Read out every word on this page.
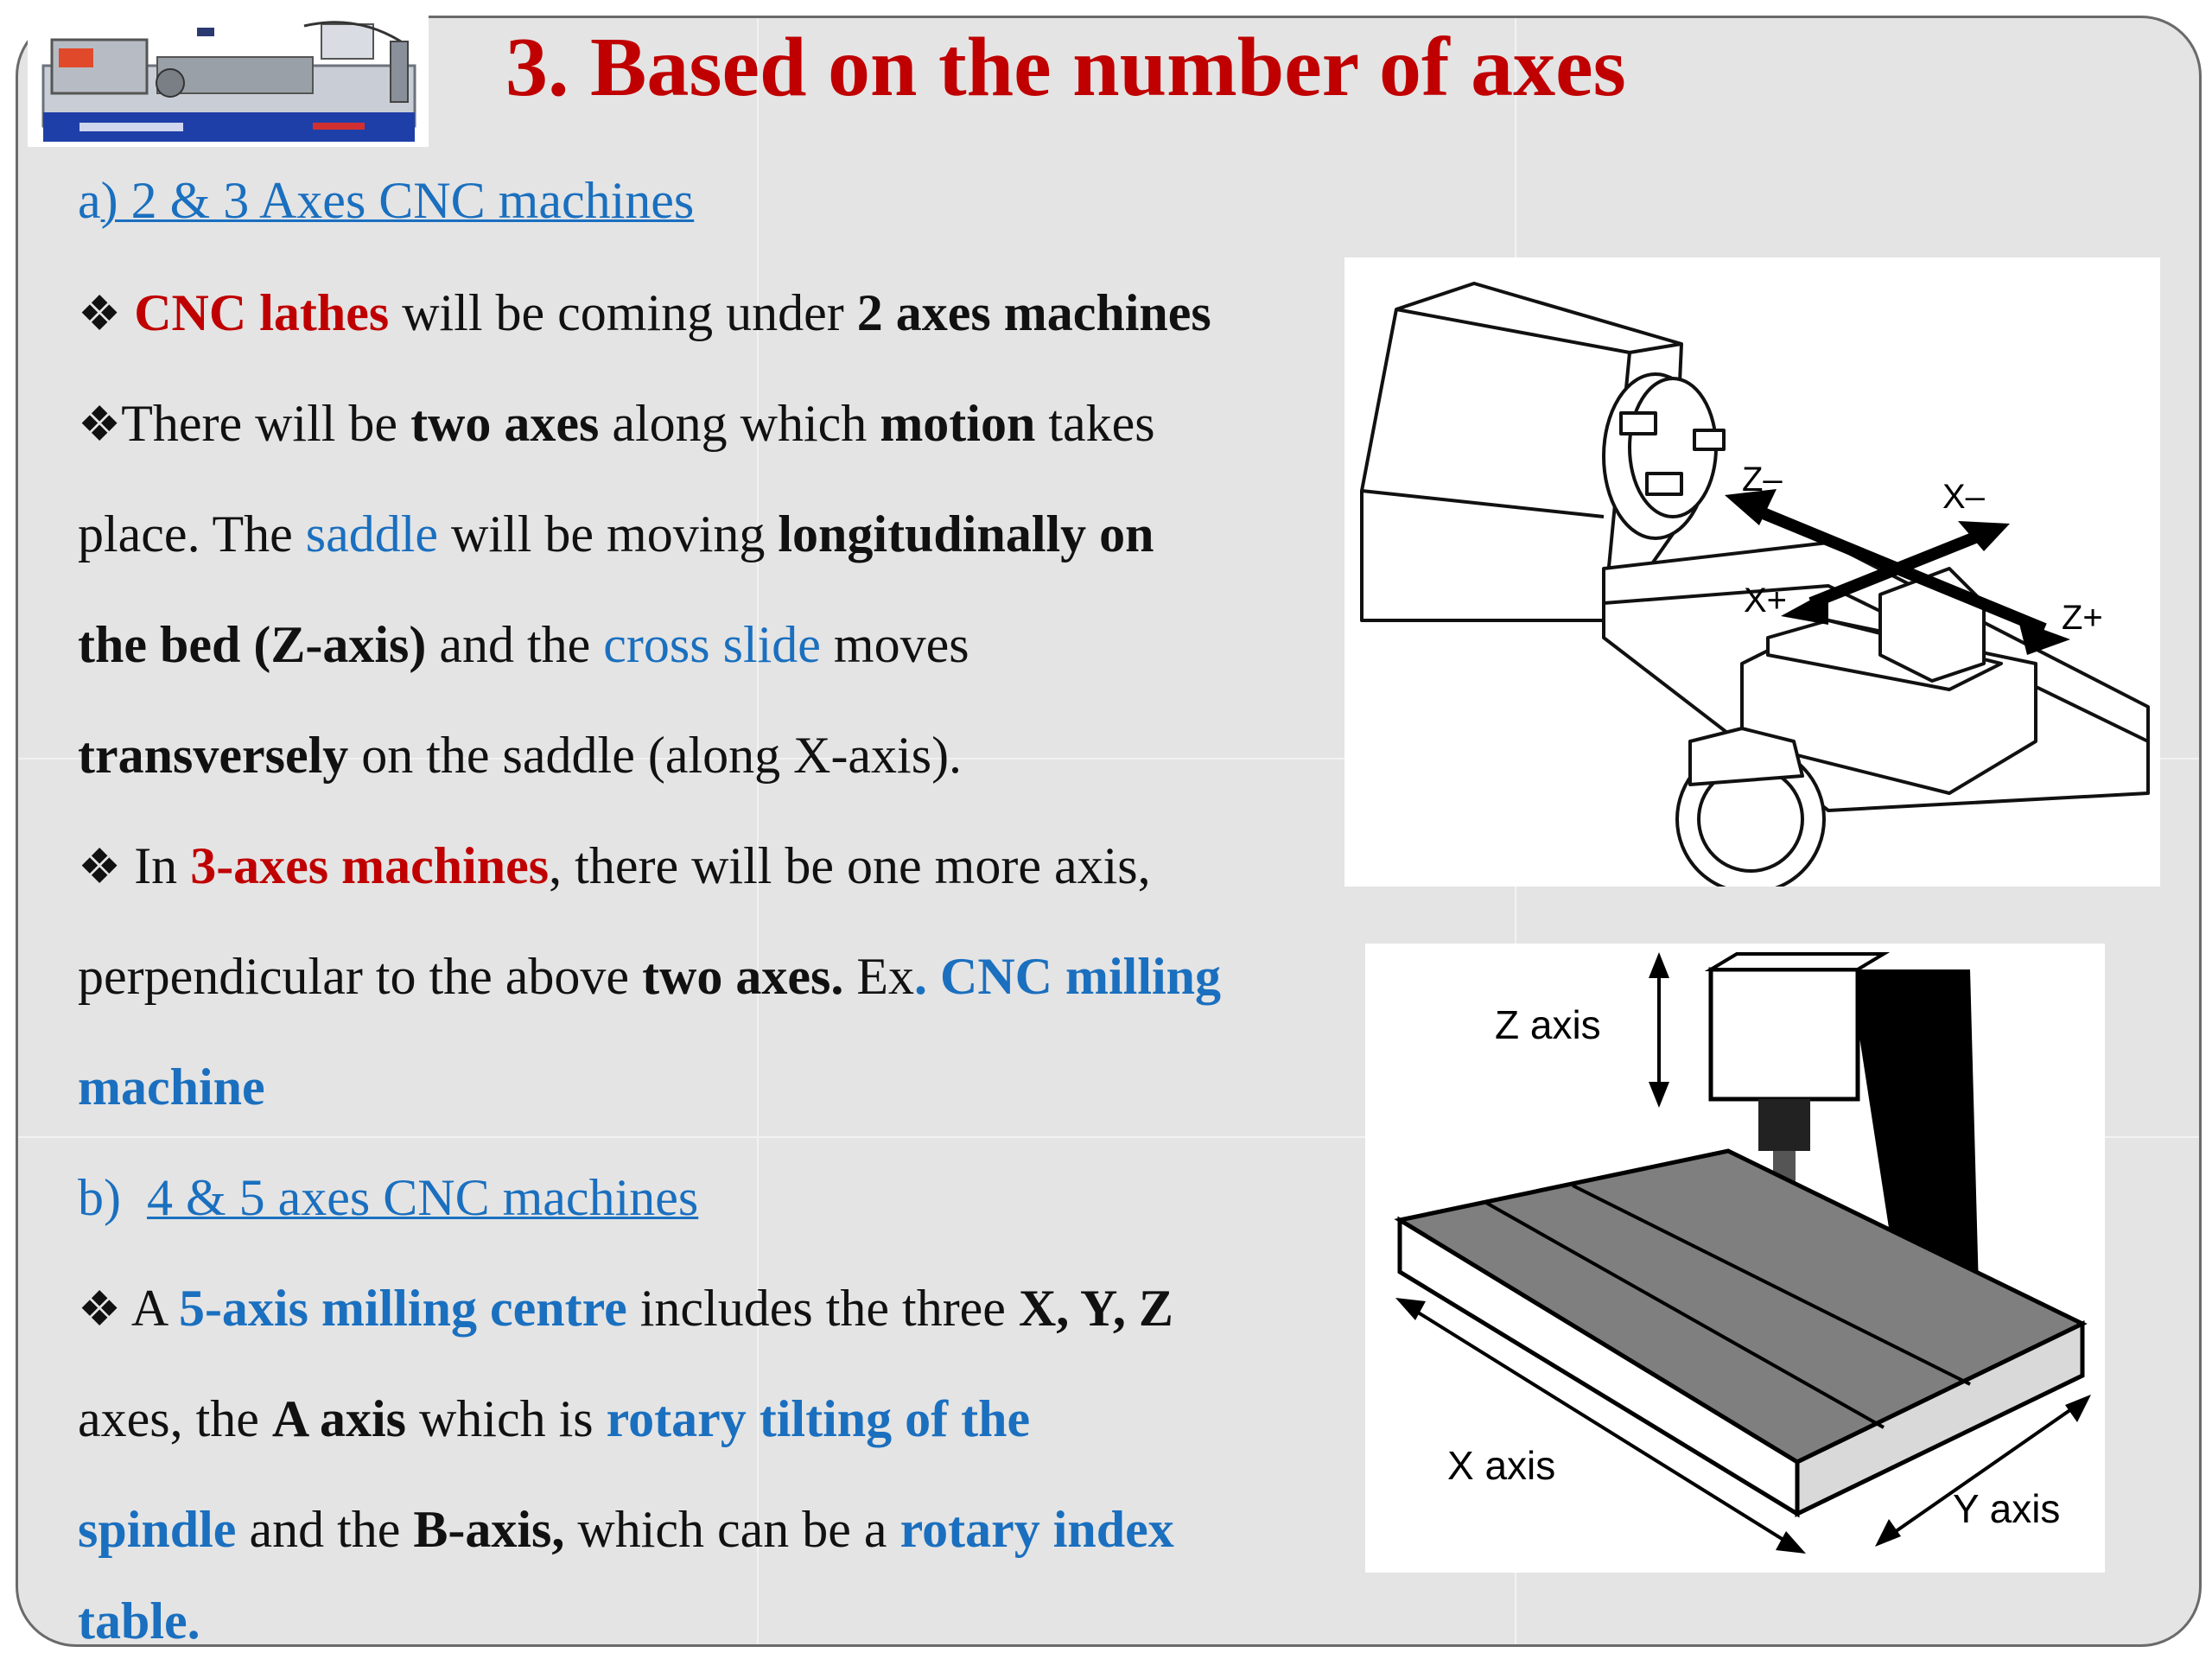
3. Based on the number of axes
Z–	X–
X+	Z+
Z axis
X axis
Y axis
a) 2 & 3 Axes CNC machines
❖ CNC lathes will be coming under 2 axes machines
❖There will be two axes along which motion takes
place. The saddle will be moving longitudinally on
the bed (Z-axis) and the cross slide moves
transversely on the saddle (along X-axis).
❖ In 3-axes machines, there will be one more axis,
perpendicular to the above two axes. Ex. CNC milling
machine
b) 4 & 5 axes CNC machines
❖ A 5-axis milling centre includes the three X, Y, Z
axes, the A axis which is rotary tilting of the
spindle and the B-axis, which can be a rotary index
table.
